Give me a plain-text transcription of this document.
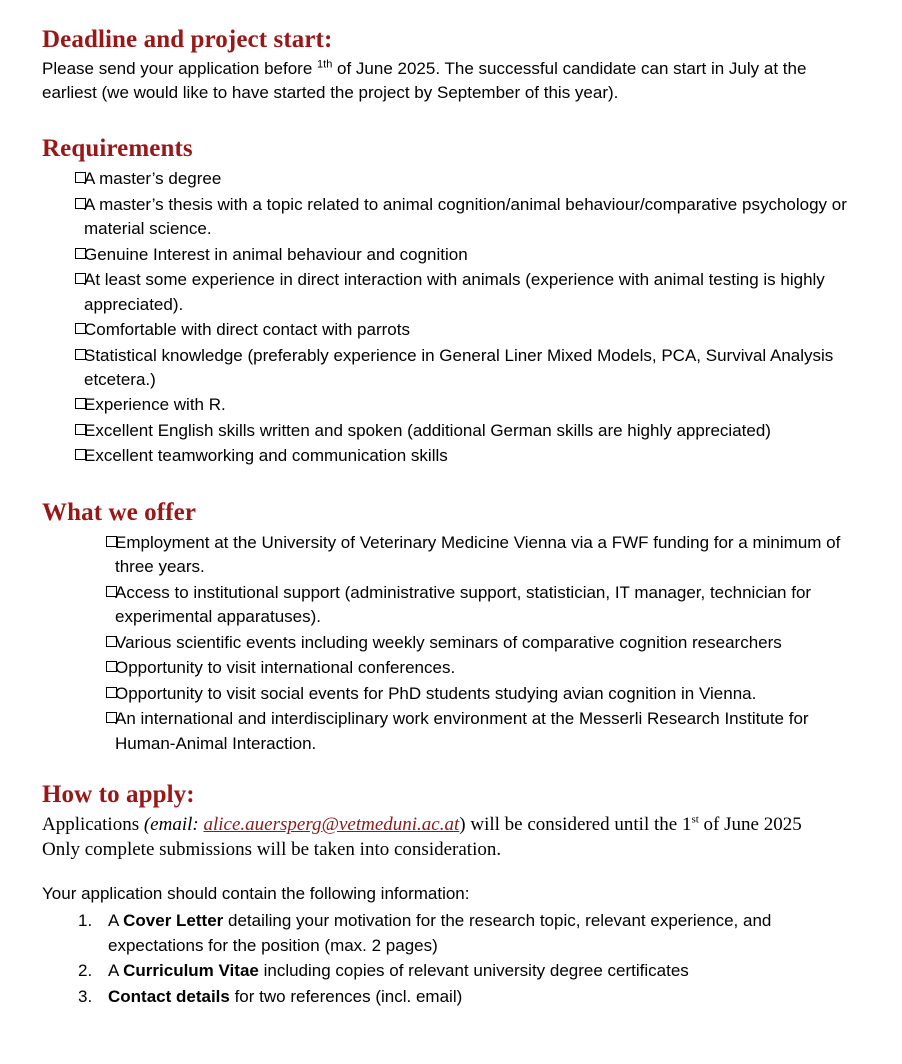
Deadline and project start:

Please send your application before $^{1th}$ of June 2025. The successful candidate can start in July at the earliest (we would like to have started the project by September of this year).

Requirements
A master’s degree
A master’s thesis with a topic related to animal cognition/animal behaviour/comparative psychology or material science.
Genuine Interest in animal behaviour and cognition
At least some experience in direct interaction with animals (experience with animal testing is highly appreciated).
Comfortable with direct contact with parrots
Statistical knowledge (preferably experience in General Liner Mixed Models, PCA, Survival Analysis etcetera.)
Experience with R.
Excellent English skills written and spoken (additional German skills are highly appreciated)
Excellent teamworking and communication skills
What we offer
Employment at the University of Veterinary Medicine Vienna via a FWF funding for a minimum of three years.
Access to institutional support (administrative support, statistician, IT manager, technician for experimental apparatuses).
Various scientific events including weekly seminars of comparative cognition researchers
Opportunity to visit international conferences.
Opportunity to visit social events for PhD students studying avian cognition in Vienna.
An international and interdisciplinary work environment at the Messerli Research Institute for Human-Animal Interaction.
How to apply:

Applications (email: alice.auersperg@vetmeduni.ac.at) will be considered until the 1st of June 2025

Only complete submissions will be taken into consideration.

Your application should contain the following information:

A Cover Letter detailing your motivation for the research topic, relevant experience, and expectations for the position (max. 2 pages)
A Curriculum Vitae including copies of relevant university degree certificates
Contact details for two references (incl. email)
